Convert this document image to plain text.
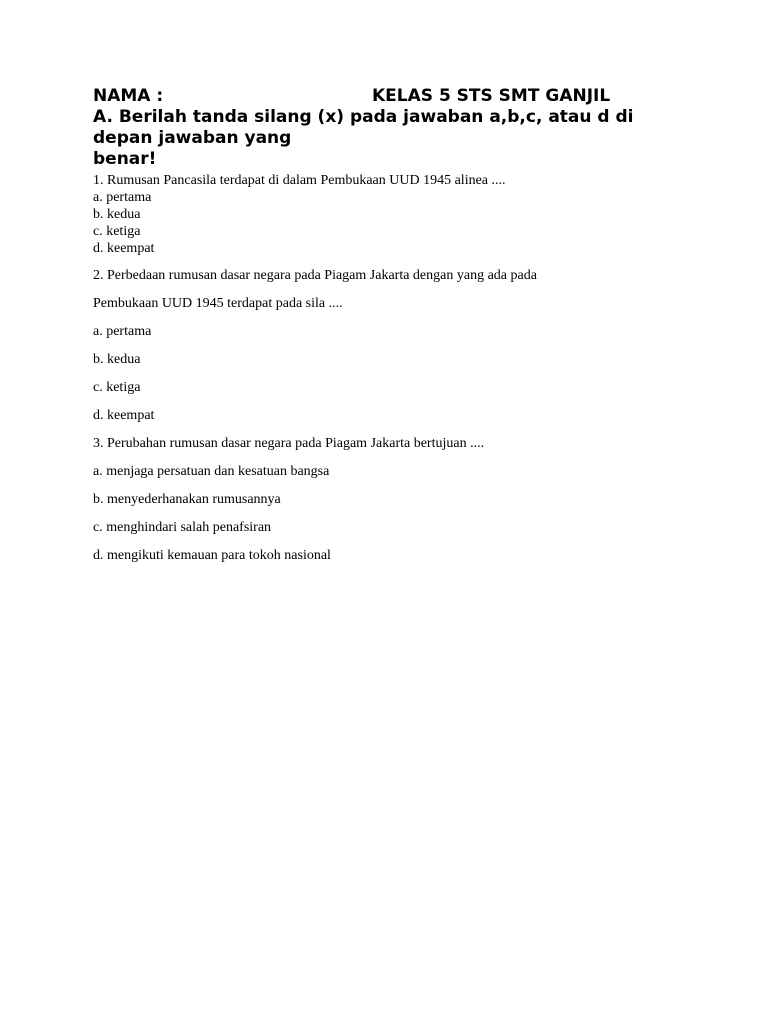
NAMA :	KELAS 5 STS SMT GANJIL
A. Berilah tanda silang (x) pada jawaban a,b,c, atau d di
depan jawaban yang
benar!

1. Rumusan Pancasila terdapat di dalam Pembukaan UUD 1945 alinea ....

a. pertama

b. kedua

c. ketiga

d. keempat

2. Perbedaan rumusan dasar negara pada Piagam Jakarta dengan yang ada pada

Pembukaan UUD 1945 terdapat pada sila ....

a. pertama

b. kedua

c. ketiga

d. keempat

3. Perubahan rumusan dasar negara pada Piagam Jakarta bertujuan ....

a. menjaga persatuan dan kesatuan bangsa

b. menyederhanakan rumusannya

c. menghindari salah penafsiran

d. mengikuti kemauan para tokoh nasional
